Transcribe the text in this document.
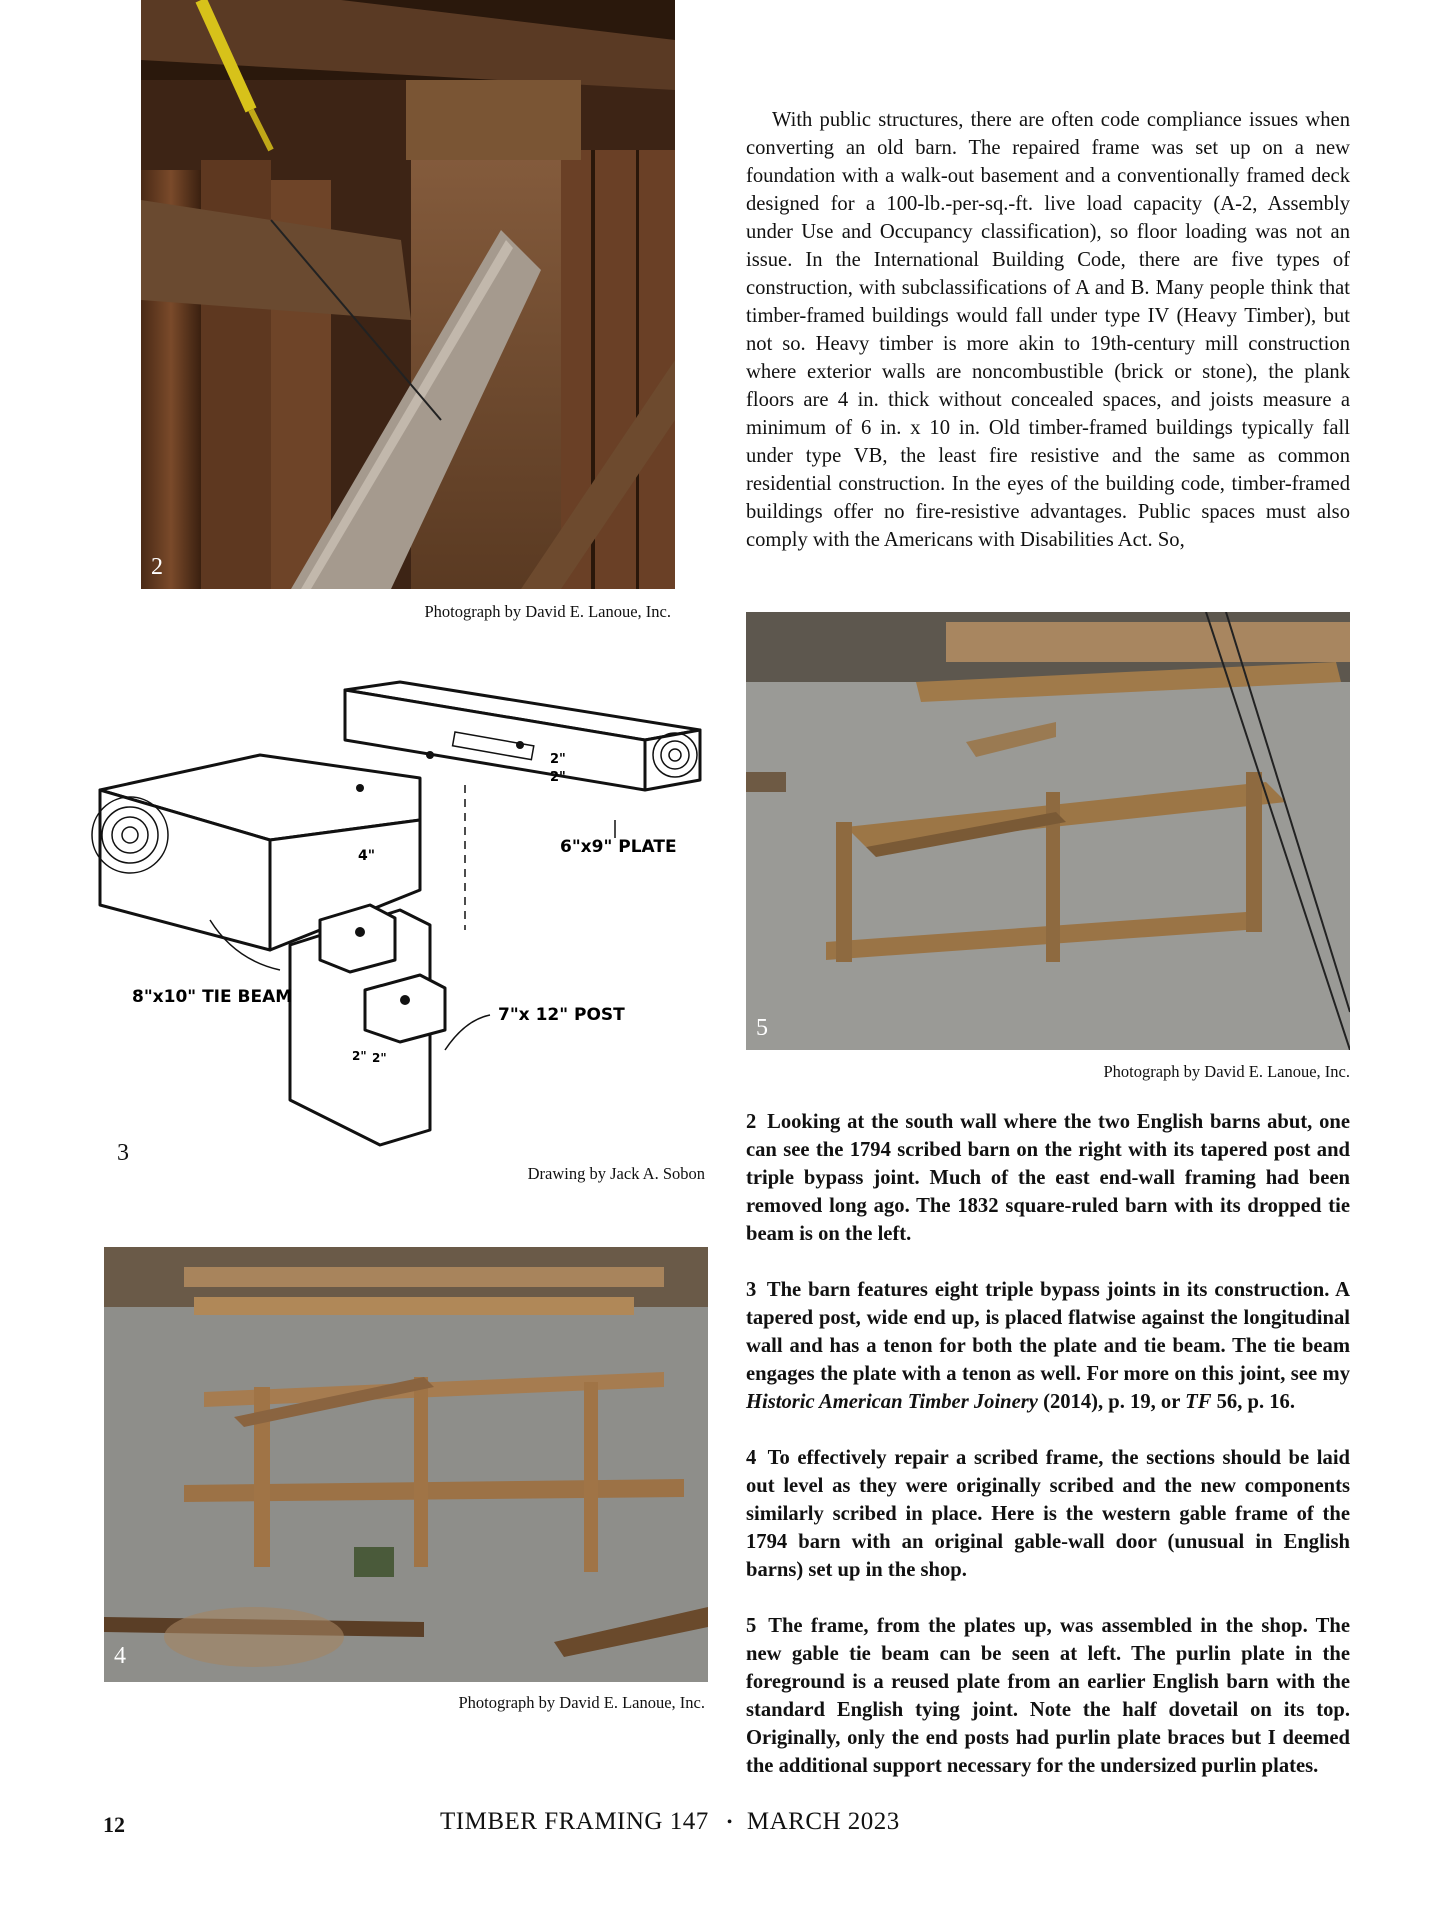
2
Photograph by David E. Lanoue, Inc.

With public structures, there are often code compliance issues when converting an old barn. The repaired frame was set up on a new foundation with a walk-out basement and a conventionally framed deck designed for a 100-lb.-per-sq.-ft. live load capacity (A-2, Assembly under Use and Occupancy classification), so floor loading was not an issue. In the International Building Code, there are five types of construction, with subclassifications of A and B. Many people think that timber-framed buildings would fall under type IV (Heavy Timber), but not so. Heavy timber is more akin to 19th-century mill construction where exterior walls are noncombustible (brick or stone), the plank floors are 4 in. thick without concealed spaces, and joists measure a minimum of 6 in. x 10 in. Old timber-framed buildings typically fall under type VB, the least fire resistive and the same as common residential construction. In the eyes of the building code, timber-framed buildings offer no fire-resistive advantages. Public spaces must also comply with the Americans with Disabilities Act. So,

6"x9" PLATE
8"x10" TIE BEAM
7"x 12" POST
2"
2"
4"
2" 2"
3
Drawing by Jack A. Sobon
4
Photograph by David E. Lanoue, Inc.
5
Photograph by David E. Lanoue, Inc.

2 Looking at the south wall where the two English barns abut, one can see the 1794 scribed barn on the right with its tapered post and triple bypass joint. Much of the east end-wall framing had been removed long ago. The 1832 square-ruled barn with its dropped tie beam is on the left.

3 The barn features eight triple bypass joints in its construction. A tapered post, wide end up, is placed flatwise against the longitudinal wall and has a tenon for both the plate and tie beam. The tie beam engages the plate with a tenon as well. For more on this joint, see my Historic American Timber Joinery (2014), p. 19, or TF 56, p. 16.

4 To effectively repair a scribed frame, the sections should be laid out level as they were originally scribed and the new components similarly scribed in place. Here is the western gable frame of the 1794 barn with an original gable-wall door (unusual in English barns) set up in the shop.

5 The frame, from the plates up, was assembled in the shop. The new gable tie beam can be seen at left. The purlin plate in the foreground is a reused plate from an earlier English barn with the standard English tying joint. Note the half dovetail on its top. Originally, only the end posts had purlin plate braces but I deemed the additional support necessary for the undersized purlin plates.

12	TIMBER FRAMING 147 • MARCH 2023
